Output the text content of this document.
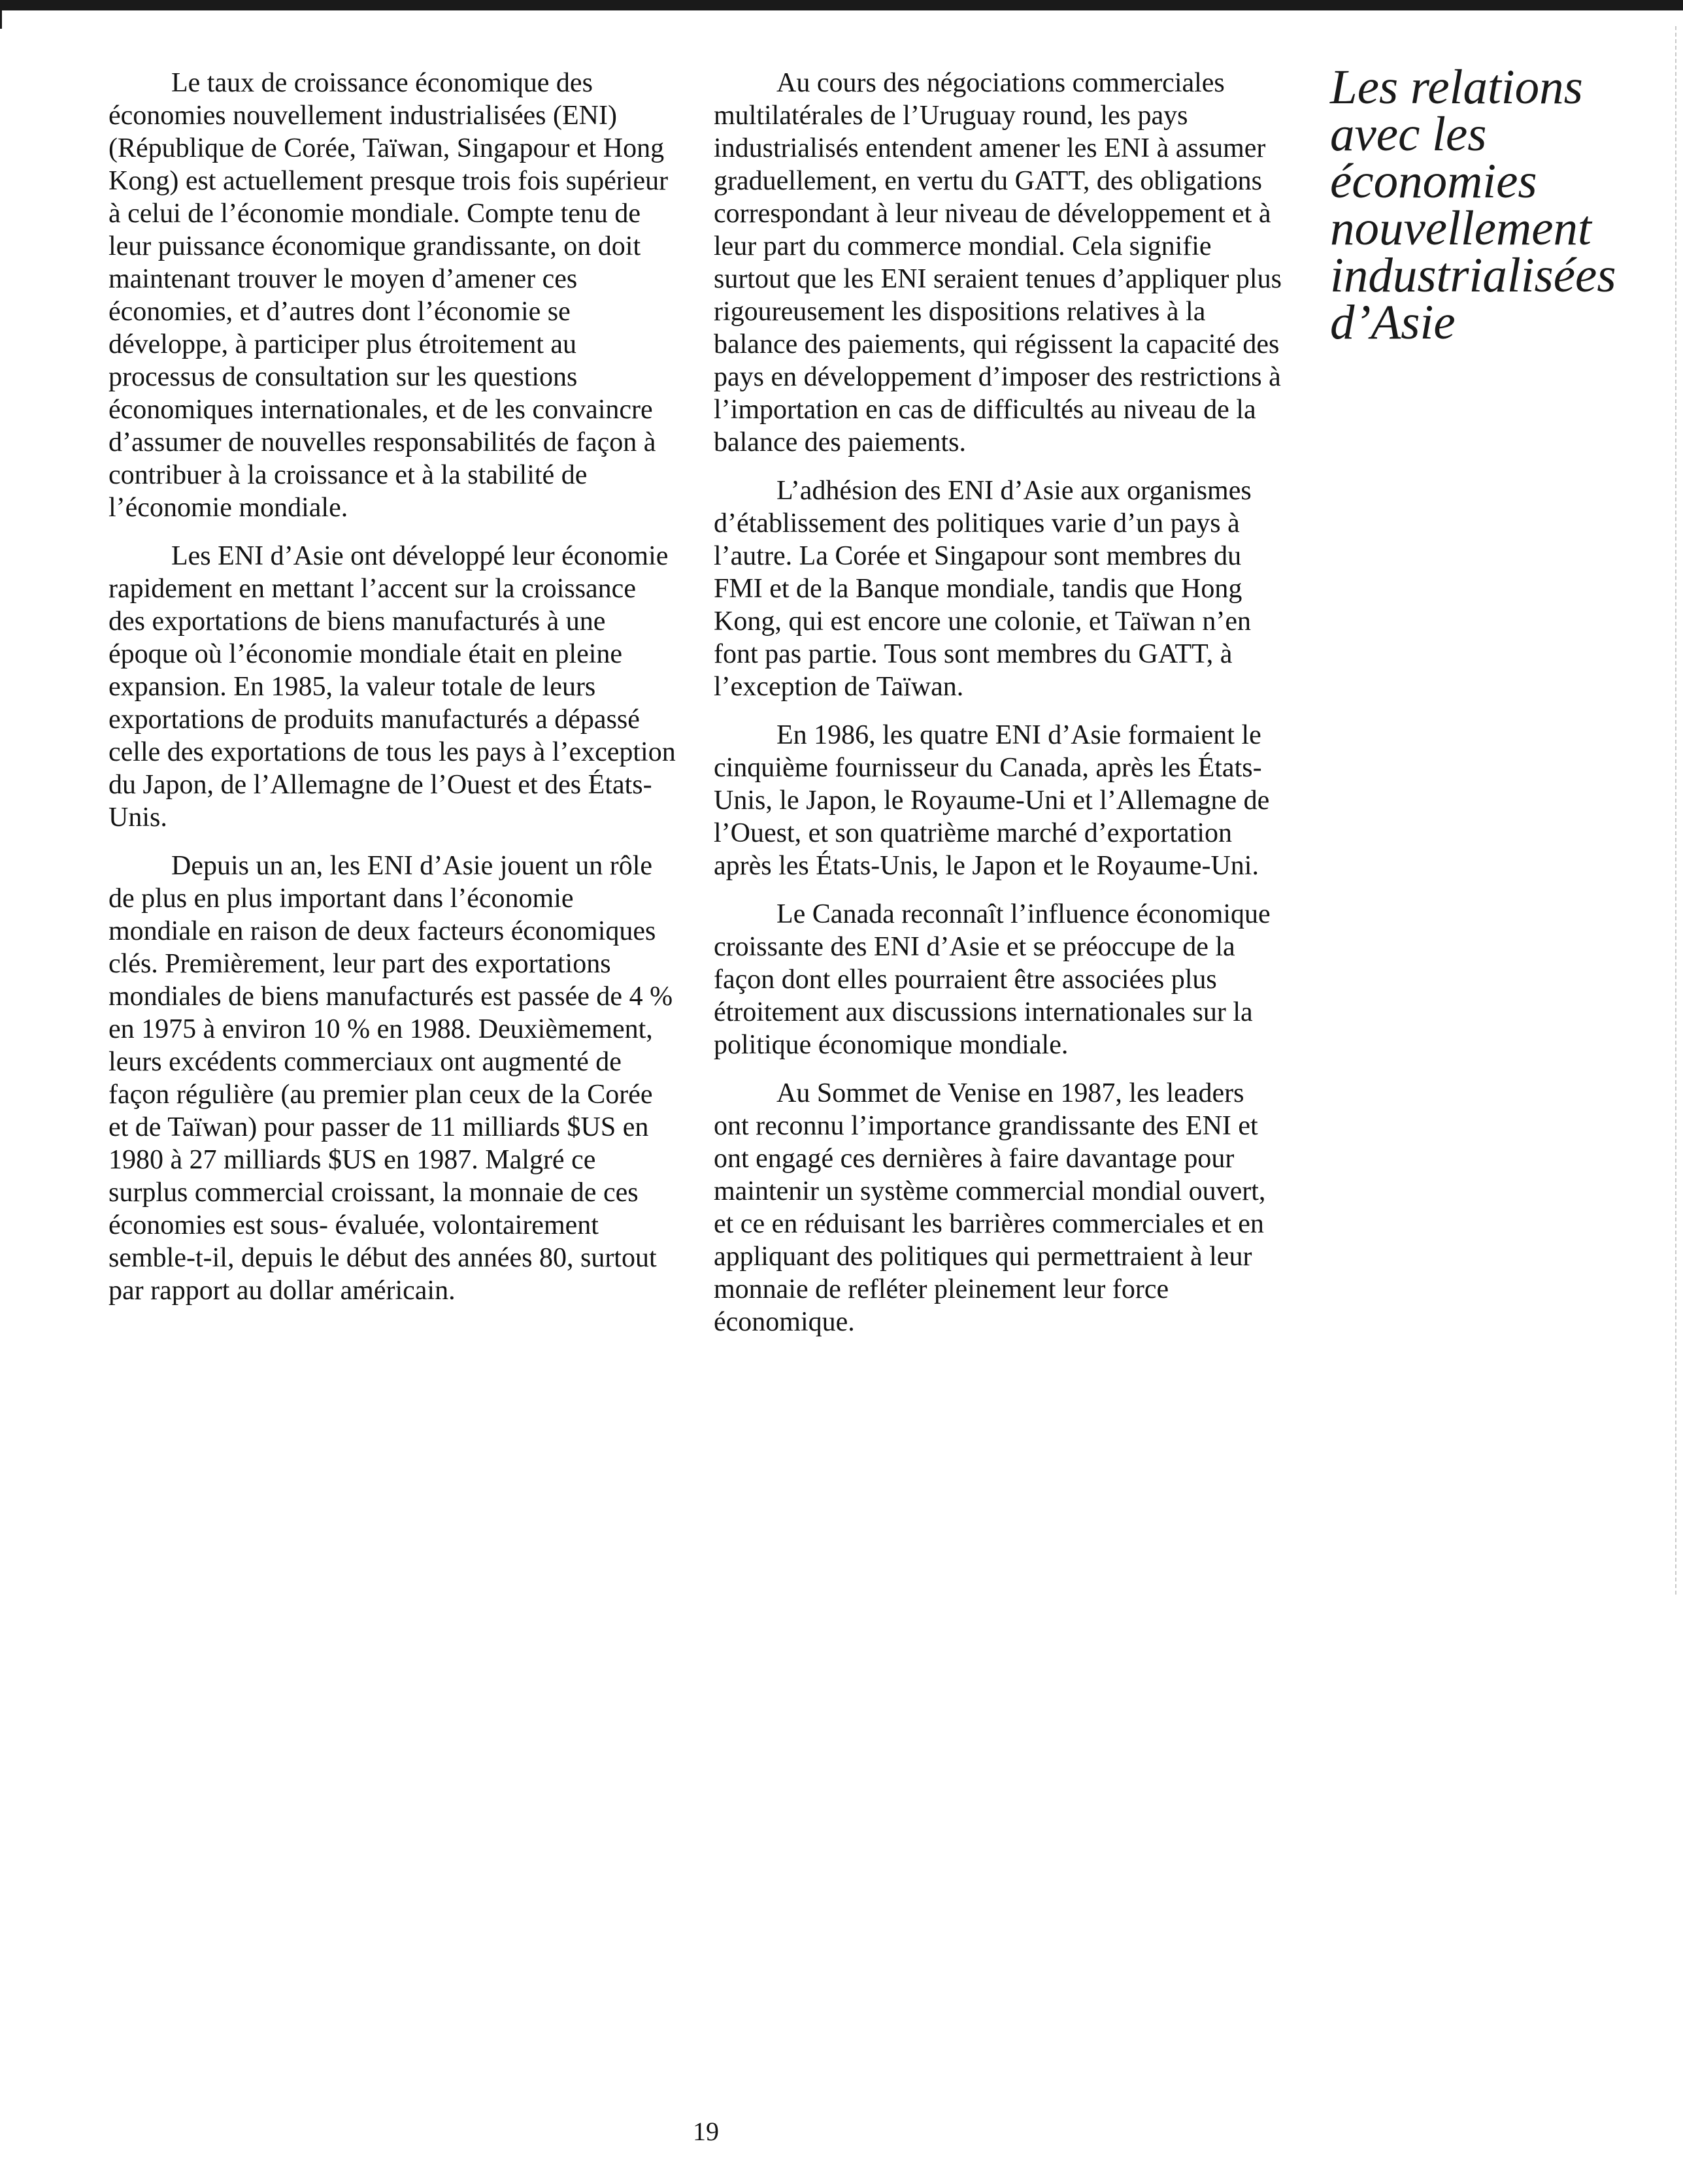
Le taux de croissance économique des économies nouvellement industrialisées (ENI) (République de Corée, Taïwan, Singapour et Hong Kong) est actuellement presque trois fois supérieur à celui de l’économie mondiale. Compte tenu de leur puissance économique grandissante, on doit maintenant trouver le moyen d’amener ces économies, et d’autres dont l’économie se développe, à participer plus étroitement au processus de consultation sur les questions économiques internationales, et de les convaincre d’assumer de nouvelles responsabilités de façon à contribuer à la croissance et à la stabilité de l’économie mondiale.

Les ENI d’Asie ont développé leur économie rapidement en mettant l’accent sur la croissance des exportations de biens manufacturés à une époque où l’économie mondiale était en pleine expansion. En 1985, la valeur totale de leurs exportations de produits manufacturés a dépassé celle des exportations de tous les pays à l’exception du Japon, de l’Allemagne de l’Ouest et des États-Unis.

Depuis un an, les ENI d’Asie jouent un rôle de plus en plus important dans l’économie mondiale en raison de deux facteurs économiques clés. Premièrement, leur part des exportations mondiales de biens manufacturés est passée de 4 % en 1975 à environ 10 % en 1988. Deuxièmement, leurs excédents commerciaux ont augmenté de façon régulière (au premier plan ceux de la Corée et de Taïwan) pour passer de 11 milliards $US en 1980 à 27 milliards $US en 1987. Malgré ce surplus commercial croissant, la monnaie de ces économies est sous- évaluée, volontairement semble-t-il, depuis le début des années 80, surtout par rapport au dollar américain.

Au cours des négociations commerciales multilatérales de l’Uruguay round, les pays industrialisés entendent amener les ENI à assumer graduellement, en vertu du GATT, des obligations correspondant à leur niveau de développement et à leur part du commerce mondial. Cela signifie surtout que les ENI seraient tenues d’appliquer plus rigoureusement les dispositions relatives à la balance des paiements, qui régissent la capacité des pays en développement d’imposer des restrictions à l’importation en cas de difficultés au niveau de la balance des paiements.

L’adhésion des ENI d’Asie aux organismes d’établissement des politiques varie d’un pays à l’autre. La Corée et Singapour sont membres du FMI et de la Banque mondiale, tandis que Hong Kong, qui est encore une colonie, et Taïwan n’en font pas partie. Tous sont membres du GATT, à l’exception de Taïwan.

En 1986, les quatre ENI d’Asie formaient le cinquième fournisseur du Canada, après les États-Unis, le Japon, le Royaume-Uni et l’Allemagne de l’Ouest, et son quatrième marché d’exportation après les États-Unis, le Japon et le Royaume-Uni.

Le Canada reconnaît l’influence économique croissante des ENI d’Asie et se préoccupe de la façon dont elles pourraient être associées plus étroitement aux discussions internationales sur la politique économique mondiale.

Au Sommet de Venise en 1987, les leaders ont reconnu l’importance grandissante des ENI et ont engagé ces dernières à faire davantage pour maintenir un système commercial mondial ouvert, et ce en réduisant les barrières commerciales et en appliquant des politiques qui permettraient à leur monnaie de refléter pleinement leur force économique.

Les relations
avec les
économies
nouvellement
industrialisées
d’Asie
19
